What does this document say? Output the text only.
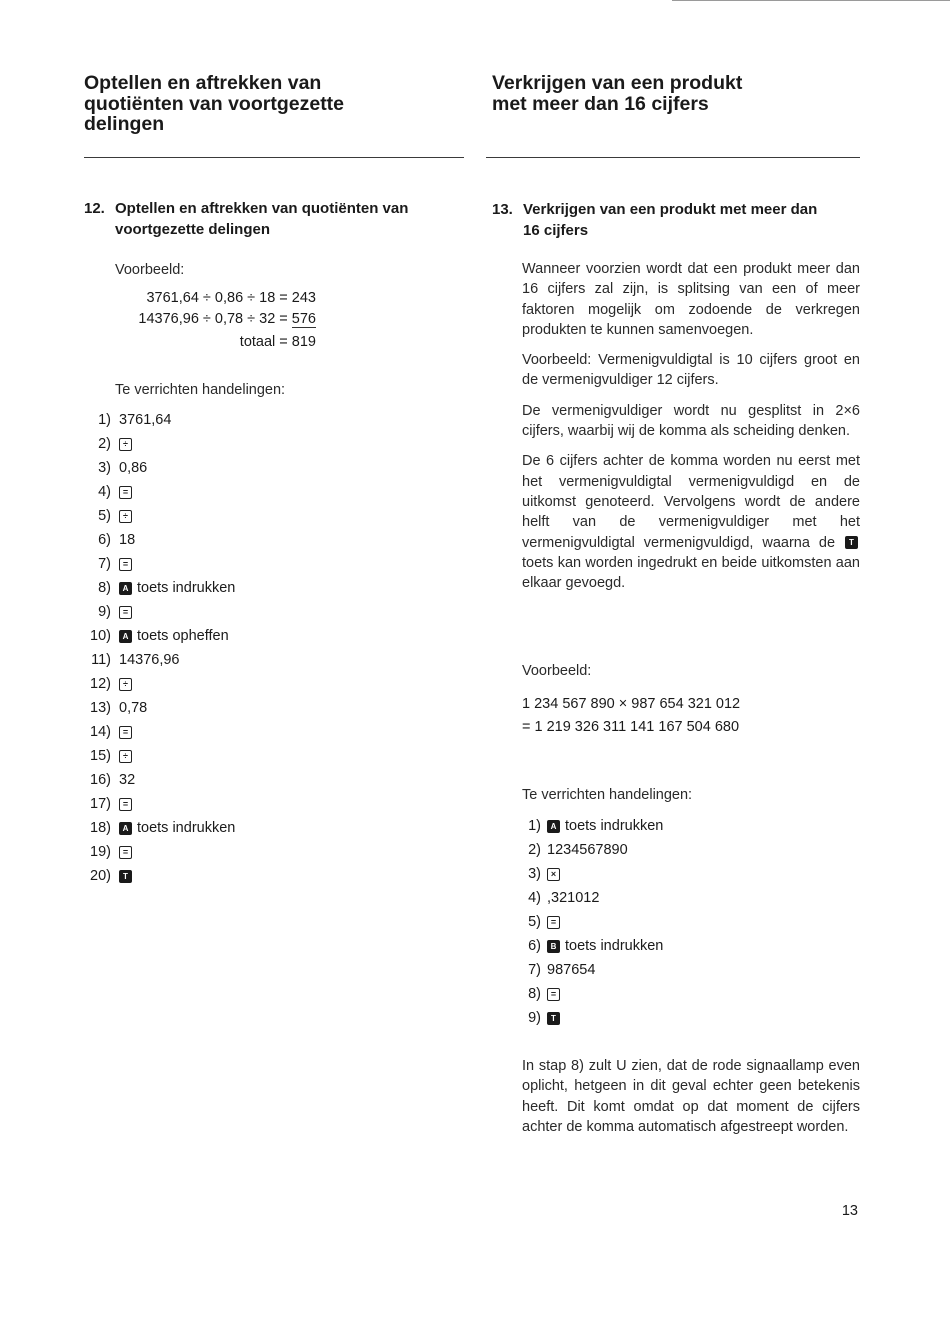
Optellen en aftrekken van

quotiënten van voortgezette

delingen

Verkrijgen van een produkt

met meer dan 16 cijfers

12. Optellen en aftrekken van quotiënten van
voortgezette delingen
Voorbeeld:
3761,64 ÷ 0,86 ÷ 18 = 243
14376,96 ÷ 0,78 ÷ 32 = 576
totaal = 819
Te verrichten handelingen:
1) 3761,64
2)	÷
3) 0,86
4)	=
5)	÷
6) 18
7)	=
8)	A toets indrukken
9)	=
10)	A toets opheffen
11) 14376,96
12)	÷
13) 0,78
14)	=
15)	÷
16) 32
17)	=
18)	A toets indrukken
19)	=
20)	T
13. Verkrijgen van een produkt met meer dan
16 cijfers
Wanneer voorzien wordt dat een produkt meer dan 16 cijfers zal zijn, is splitsing van een of meer faktoren mogelijk om zodoende de verkregen produkten te kunnen samenvoegen.
Voorbeeld: Vermenigvuldigtal is 10 cijfers groot en de vermenigvuldiger 12 cijfers.
De vermenigvuldiger wordt nu gesplitst in 2×6 cijfers, waarbij wij de komma als scheiding denken.
De 6 cijfers achter de komma worden nu eerst met het vermenigvuldigtal vermenigvuldigd en de uitkomst genoteerd. Vervolgens wordt de andere helft van de vermenigvuldiger met het vermenigvuldigtal vermenigvuldigd, waarna de T toets kan worden ingedrukt en beide uitkomsten aan elkaar gevoegd.
Voorbeeld:
1 234 567 890 × 987 654 321 012
= 1 219 326 311 141 167 504 680
Te verrichten handelingen:
1)	A toets indrukken
2) 1234567890
3)	×
4) ,321012
5)	=
6)	B toets indrukken
7) 987654
8)	=
9)	T
In stap 8) zult U zien, dat de rode signaallamp even oplicht, hetgeen in dit geval echter geen betekenis heeft. Dit komt omdat op dat moment de cijfers achter de komma automatisch afgestreept worden.
13
